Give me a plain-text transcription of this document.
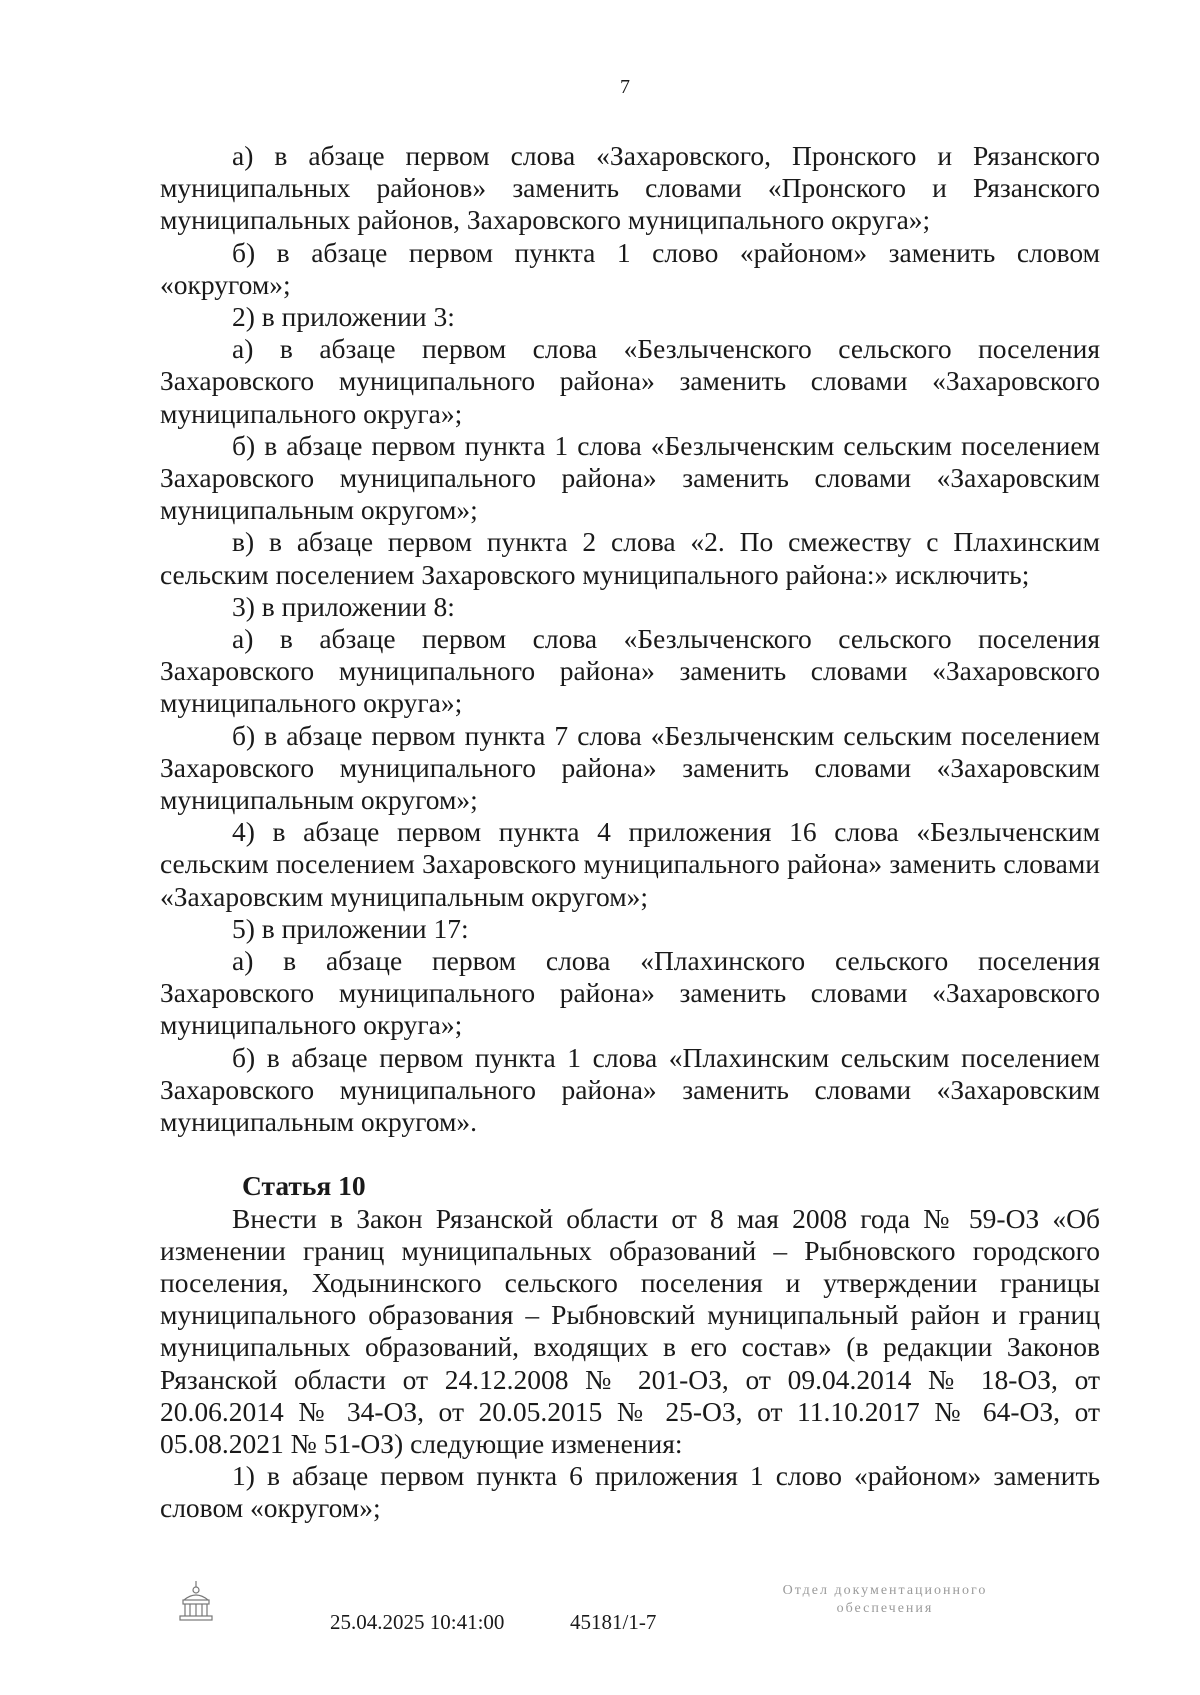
7

а) в абзаце первом слова «Захаровского, Пронского и Рязанского муниципальных районов» заменить словами «Пронского и Рязанского муниципальных районов, Захаровского муниципального округа»;

б) в абзаце первом пункта 1 слово «районом» заменить словом «округом»;

2) в приложении 3:

а) в абзаце первом слова «Безлыченского сельского поселения Захаровского муниципального района» заменить словами «Захаровского муниципального округа»;

б) в абзаце первом пункта 1 слова «Безлыченским сельским поселением Захаровского муниципального района» заменить словами «Захаровским муниципальным округом»;

в) в абзаце первом пункта 2 слова «2. По смежеству с Плахинским сельским поселением Захаровского муниципального района:» исключить;

3) в приложении 8:

а) в абзаце первом слова «Безлыченского сельского поселения Захаровского муниципального района» заменить словами «Захаровского муниципального округа»;

б) в абзаце первом пункта 7 слова «Безлыченским сельским поселением Захаровского муниципального района» заменить словами «Захаровским муниципальным округом»;

4) в абзаце первом пункта 4 приложения 16 слова «Безлыченским сельским поселением Захаровского муниципального района» заменить словами «Захаровским муниципальным округом»;

5) в приложении 17:

а) в абзаце первом слова «Плахинского сельского поселения Захаровского муниципального района» заменить словами «Захаровского муниципального округа»;

б) в абзаце первом пункта 1 слова «Плахинским сельским поселением Захаровского муниципального района» заменить словами «Захаровским муниципальным округом».

Статья 10

Внести в Закон Рязанской области от 8 мая 2008 года № 59-ОЗ «Об изменении границ муниципальных образований – Рыбновского городского поселения, Ходынинского сельского поселения и утверждении границы муниципального образования – Рыбновский муниципальный район и границ муниципальных образований, входящих в его состав» (в редакции Законов Рязанской области от 24.12.2008 № 201-ОЗ, от 09.04.2014 № 18-ОЗ, от 20.06.2014 № 34-ОЗ, от 20.05.2015 № 25-ОЗ, от 11.10.2017 № 64-ОЗ, от 05.08.2021 № 51-ОЗ) следующие изменения:

1) в абзаце первом пункта 6 приложения 1 слово «районом» заменить словом «округом»;

25.04.2025 10:41:00	45181/1-7
Отдел документационного
обеспечения
